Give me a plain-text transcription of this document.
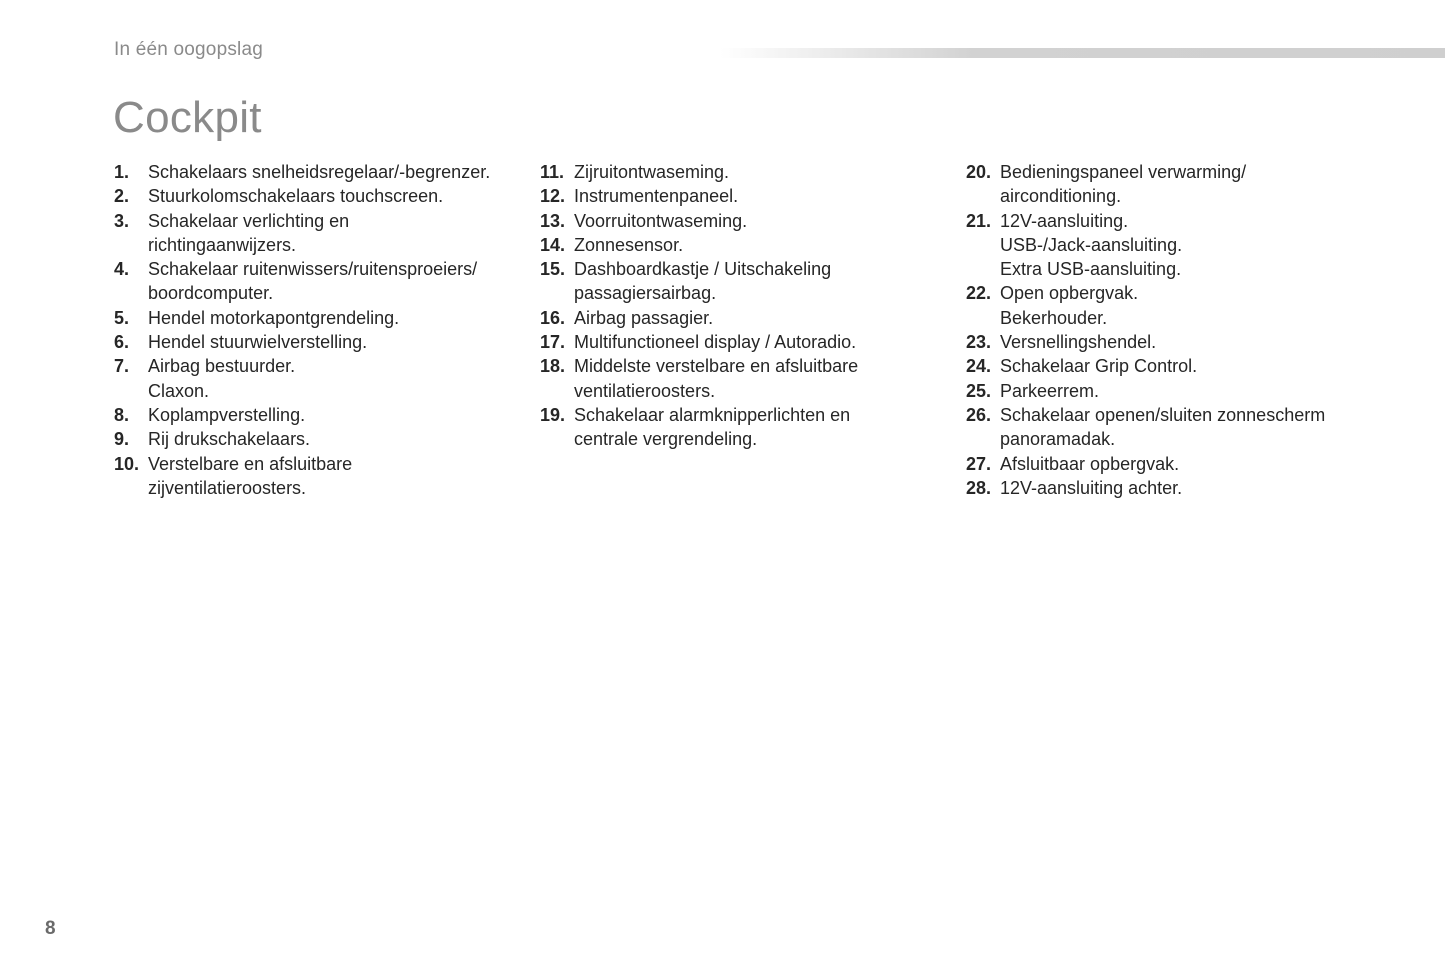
In één oogopslag
Cockpit
1.	Schakelaars snelheidsregelaar/-begrenzer.
2.	Stuurkolomschakelaars touchscreen.
3.	Schakelaar verlichting en
richtingaanwijzers.
4.	Schakelaar ruitenwissers/ruitensproeiers/
boordcomputer.
5.	Hendel motorkapontgrendeling.
6.	Hendel stuurwielverstelling.
7.	Airbag bestuurder.
Claxon.
8.	Koplampverstelling.
9.	Rij drukschakelaars.
10. Verstelbare en afsluitbare
zijventilatieroosters.
11. Zijruitontwaseming.
12. Instrumentenpaneel.
13. Voorruitontwaseming.
14. Zonnesensor.
15. Dashboardkastje / Uitschakeling
passagiersairbag.
16. Airbag passagier.
17. Multifunctioneel display / Autoradio.
18. Middelste verstelbare en afsluitbare
ventilatieroosters.
19. Schakelaar alarmknipperlichten en
centrale vergrendeling.
20. Bedieningspaneel verwarming/
airconditioning.
21. 12V-aansluiting.
USB-/Jack-aansluiting.
Extra USB-aansluiting.
22. Open opbergvak.
Bekerhouder.
23. Versnellingshendel.
24. Schakelaar Grip Control.
25. Parkeerrem.
26. Schakelaar openen/sluiten zonnescherm
panoramadak.
27. Afsluitbaar opbergvak.
28. 12V-aansluiting achter.
8
